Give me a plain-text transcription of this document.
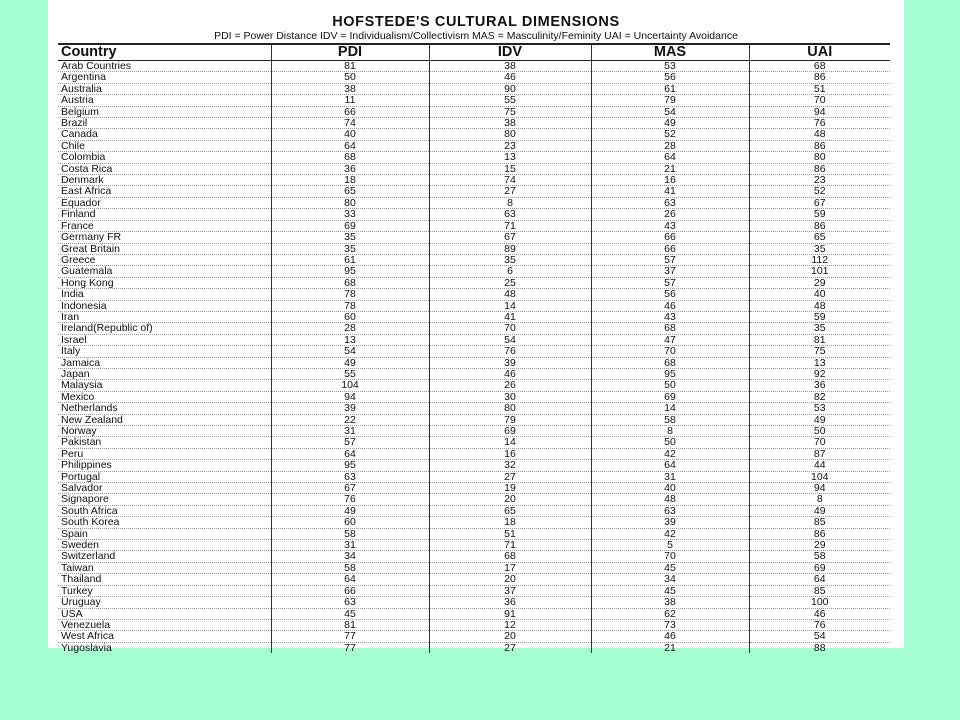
HOFSTEDE'S CULTURAL DIMENSIONS
PDI = Power Distance IDV = Individualism/Collectivism MAS = Masculinity/Feminity UAI = Uncertainty Avoidance
Country	PDI	IDV	MAS	UAI
Arab Countries	81	38	53	68
Argentina	50	46	56	86
Australia	38	90	61	51
Austria	11	55	79	70
Belgium	66	75	54	94
Brazil	74	38	49	76
Canada	40	80	52	48
Chile	64	23	28	86
Colombia	68	13	64	80
Costa Rica	36	15	21	86
Denmark	18	74	16	23
East Africa	65	27	41	52
Equador	80	8	63	67
Finland	33	63	26	59
France	69	71	43	86
Germany FR	35	67	66	65
Great Britain	35	89	66	35
Greece	61	35	57	112
Guatemala	95	6	37	101
Hong Kong	68	25	57	29
India	78	48	56	40
Indonesia	78	14	46	48
Iran	60	41	43	59
Ireland(Republic of)	28	70	68	35
Israel	13	54	47	81
Italy	54	76	70	75
Jamaica	49	39	68	13
Japan	55	46	95	92
Malaysia	104	26	50	36
Mexico	94	30	69	82
Netherlands	39	80	14	53
New Zealand	22	79	58	49
Norway	31	69	8	50
Pakistan	57	14	50	70
Peru	64	16	42	87
Philippines	95	32	64	44
Portugal	63	27	31	104
Salvador	67	19	40	94
Signapore	76	20	48	8
South Africa	49	65	63	49
South Korea	60	18	39	85
Spain	58	51	42	86
Sweden	31	71	5	29
Switzerland	34	68	70	58
Taiwan	58	17	45	69
Thailand	64	20	34	64
Turkey	66	37	45	85
Uruguay	63	36	38	100
USA	45	91	62	46
Venezuela	81	12	73	76
West Africa	77	20	46	54
Yugoslavia	77	27	21	88
